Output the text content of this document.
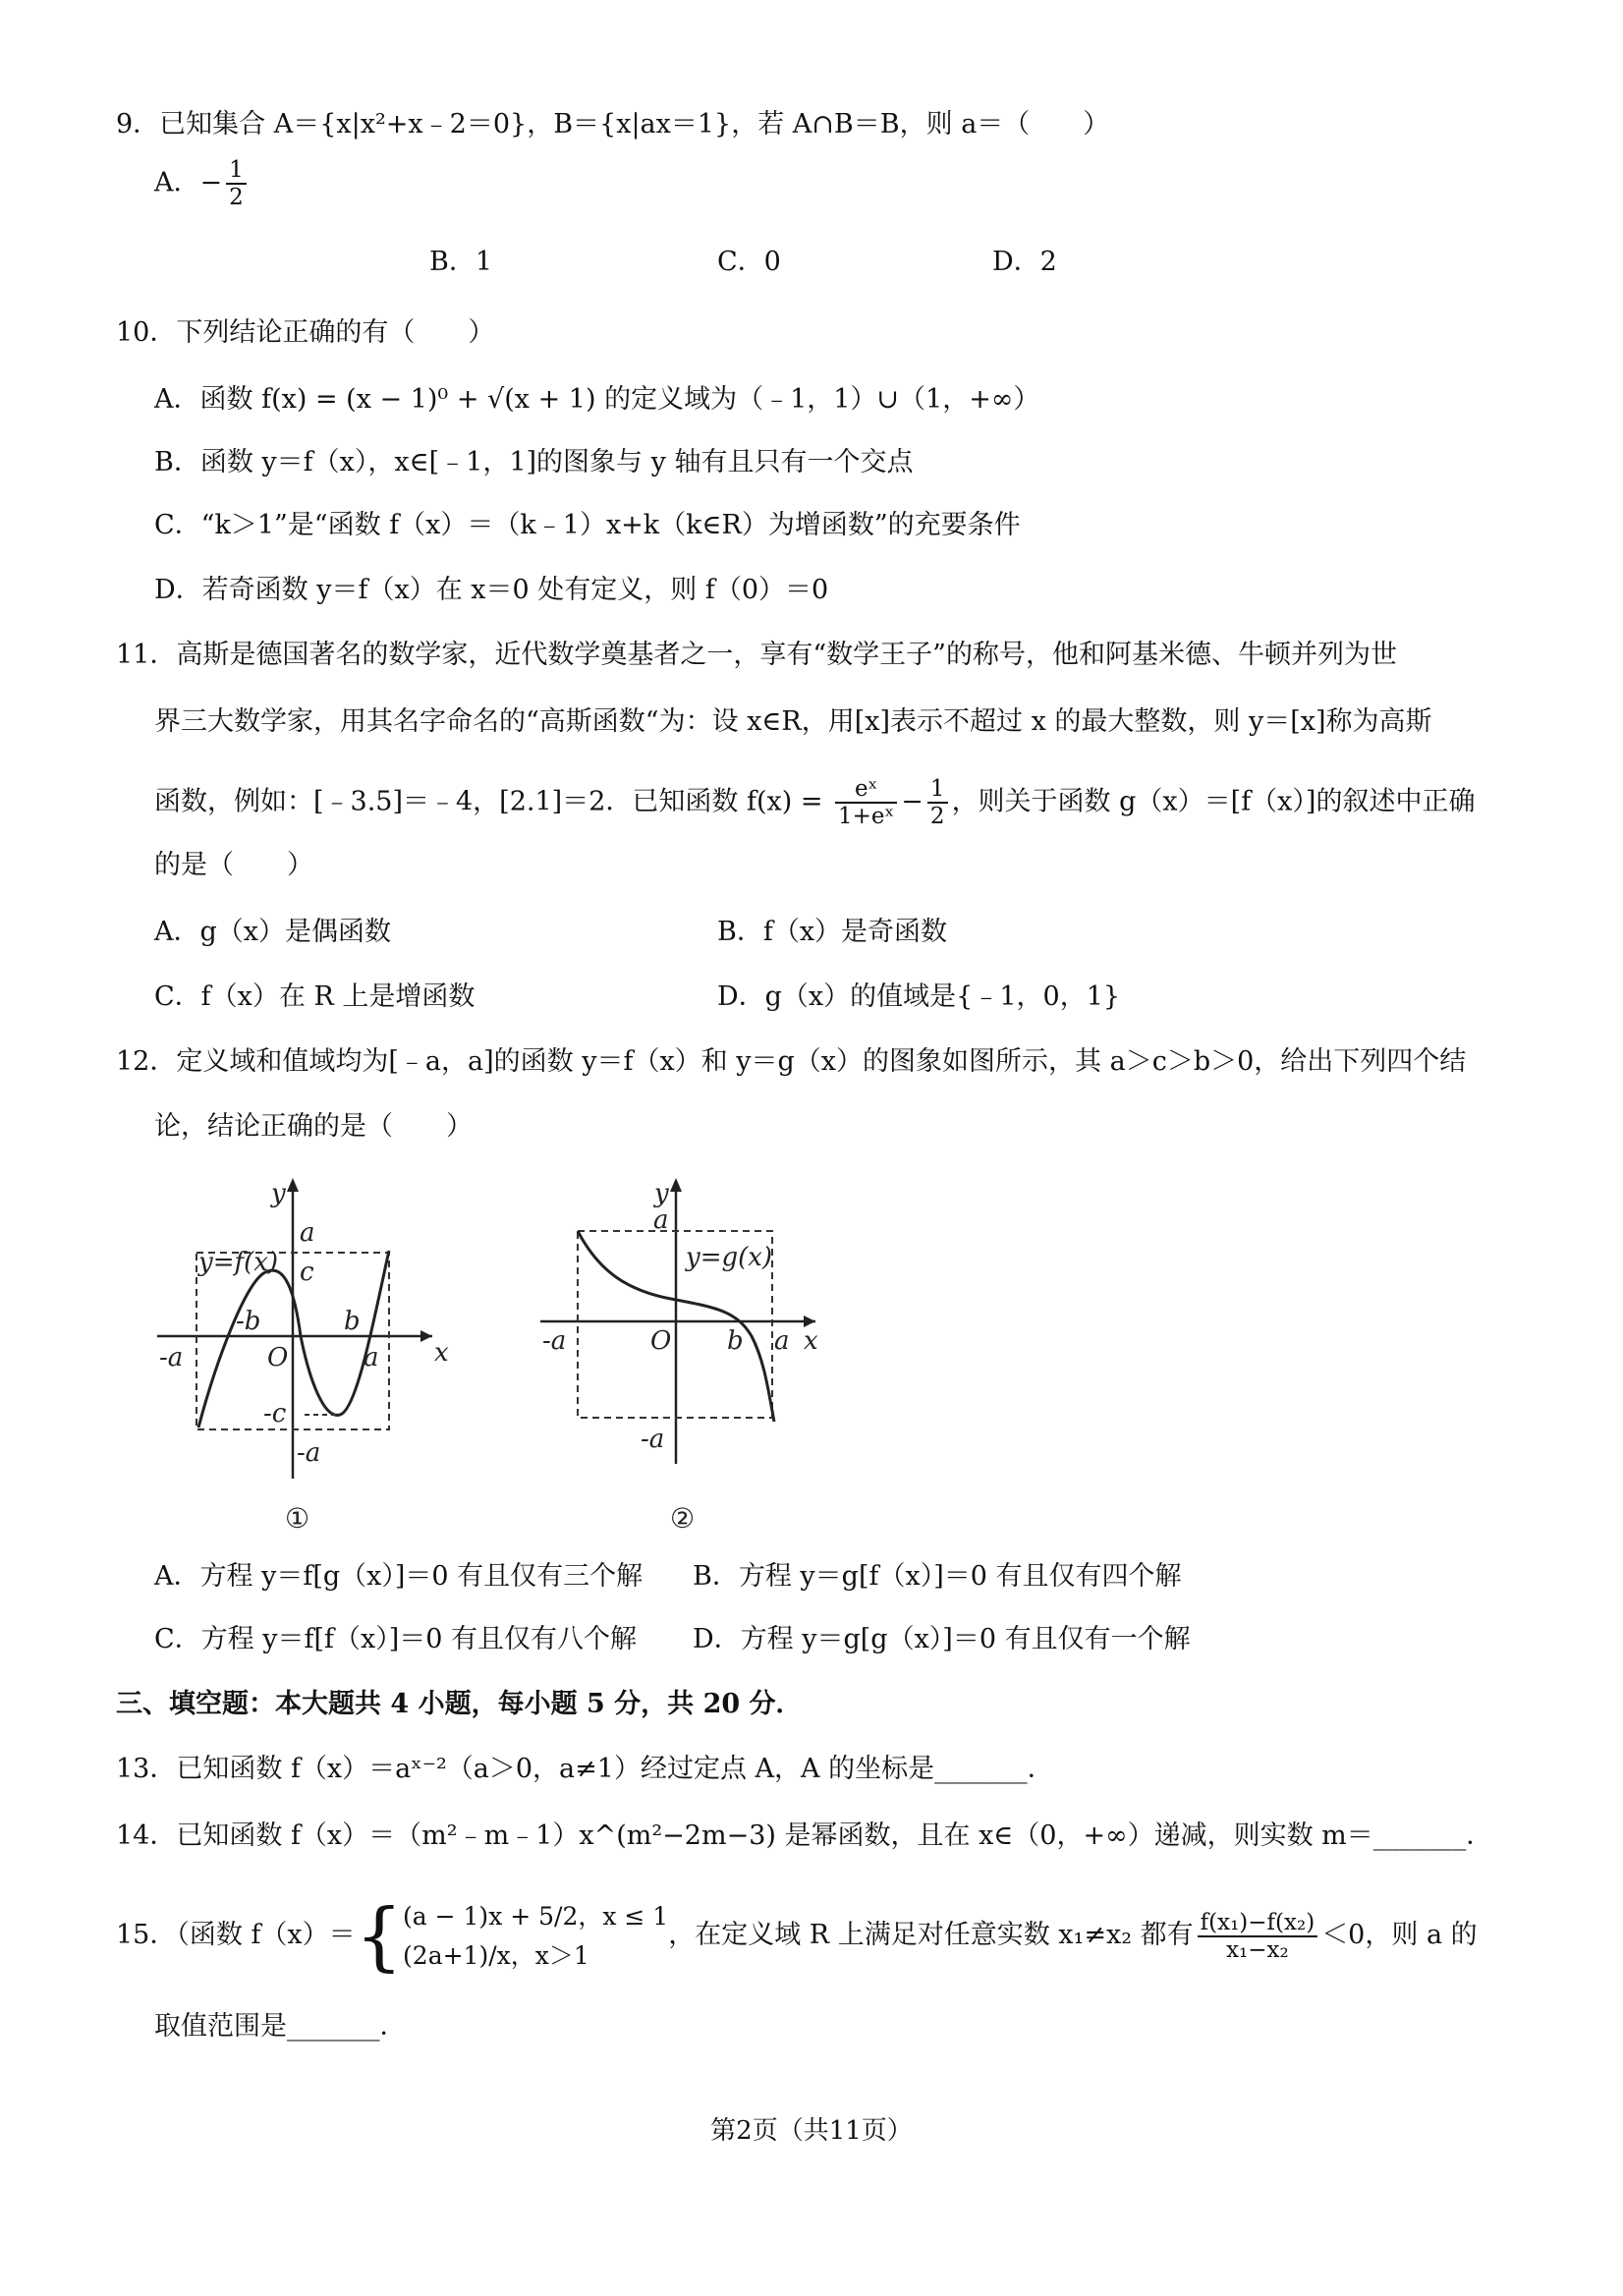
9．已知集合 A＝{x|x²+x﹣2＝0}，B＝{x|ax＝1}，若 A∩B＝B，则 a＝（　　）
A．− $\frac{1}{2}$
B．1	C．0	D．2
10．下列结论正确的有（　　）
A．函数 f(x) = (x − 1)⁰ + √(x + 1) 的定义域为（﹣1，1）∪（1，+∞）
B．函数 y＝f（x），x∈[﹣1，1]的图象与 y 轴有且只有一个交点
C．“k＞1”是“函数 f（x）＝（k﹣1）x+k（k∈R）为增函数”的充要条件
D．若奇函数 y＝f（x）在 x＝0 处有定义，则 f（0）＝0
11．高斯是德国著名的数学家，近代数学奠基者之一，享有“数学王子”的称号，他和阿基米德、牛顿并列为世
界三大数学家，用其名字命名的“高斯函数“为：设 x∈R，用[x]表示不超过 x 的最大整数，则 y＝[x]称为高斯
函数，例如：[﹣3.5]＝﹣4，[2.1]＝2．已知函数 $f(x) = \frac{\text{eˣ}}{\text{1+eˣ}} - \frac{1}{2}$ ，则关于函数 g（x）＝[f（x）]的叙述中正确
的是（　　）
A．g（x）是偶函数	B．f（x）是奇函数
C．f（x）在 R 上是增函数	D．g（x）的值域是{﹣1，0，1}
12．定义域和值域均为[﹣a，a]的函数 y＝f（x）和 y＝g（x）的图象如图所示，其 a＞c＞b＞0，给出下列四个结
论，结论正确的是（　　）
y
x
a
c
y=f(x)
-b	b
-a	O	a
-c
-a
①
y
x
a
y=g(x)
-a	O b a
-a
②
A．方程 y＝f[g（x）]＝0 有且仅有三个解 B．方程 y＝g[f（x）]＝0 有且仅有四个解
C．方程 y＝f[f（x）]＝0 有且仅有八个解 D．方程 y＝g[g（x）]＝0 有且仅有一个解
三、填空题：本大题共 4 小题，每小题 5 分，共 20 分．
13．已知函数 f（x）＝aˣ⁻²（a＞0，a≠1）经过定点 A，A 的坐标是_______．
14．已知函数 f（x）＝（m²﹣m﹣1）x^(m²−2m−3) 是幂函数，且在 x∈（0，+∞）递减，则实数 m＝_______．
15．（函数 f（x）＝{ (a − 1)x + 5/2，x ≤ 1
(2a+1)/x，x＞1
，在定义域 R 上满足对任意实数 x₁≠x₂ 都有 $\frac{\text{f(x₁)−f(x₂)}}{\text{x₁−x₂}} <0$，则 a 的
取值范围是_______．
第2页（共11页）
